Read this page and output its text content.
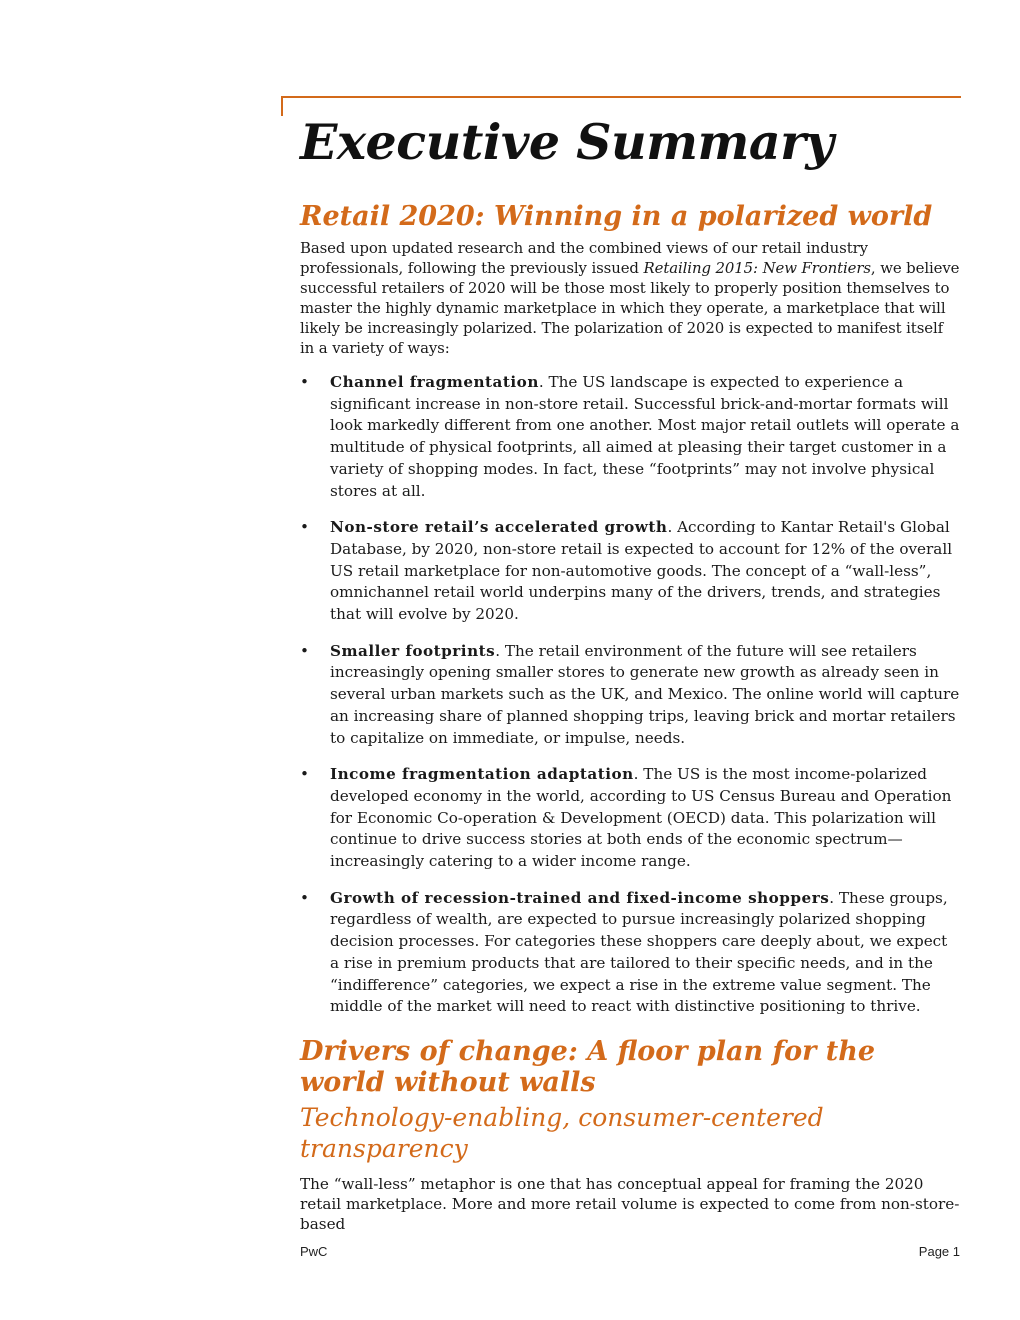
Executive Summary
Retail 2020: Winning in a polarized world

Based upon updated research and the combined views of our retail industry professionals, following the previously issued Retailing 2015: New Frontiers, we believe successful retailers of 2020 will be those most likely to properly position themselves to master the highly dynamic marketplace in which they operate, a marketplace that will likely be increasingly polarized. The polarization of 2020 is expected to manifest itself in a variety of ways:

• Channel fragmentation. The US landscape is expected to experience a significant increase in non-store retail. Successful brick-and-mortar formats will look markedly different from one another. Most major retail outlets will operate a multitude of physical footprints, all aimed at pleasing their target customer in a variety of shopping modes. In fact, these “footprints” may not involve physical stores at all.
• Non-store retail’s accelerated growth. According to Kantar Retail's Global Database, by 2020, non-store retail is expected to account for 12% of the overall US retail marketplace for non-automotive goods. The concept of a “wall-less”, omnichannel retail world underpins many of the drivers, trends, and strategies that will evolve by 2020.
• Smaller footprints. The retail environment of the future will see retailers increasingly opening smaller stores to generate new growth as already seen in several urban markets such as the UK, and Mexico. The online world will capture an increasing share of planned shopping trips, leaving brick and mortar retailers to capitalize on immediate, or impulse, needs.
• Income fragmentation adaptation. The US is the most income-polarized developed economy in the world, according to US Census Bureau and Operation for Economic Co-operation & Development (OECD) data. This polarization will continue to drive success stories at both ends of the economic spectrum—increasingly catering to a wider income range.
• Growth of recession-trained and fixed-income shoppers. These groups, regardless of wealth, are expected to pursue increasingly polarized shopping decision processes. For categories these shoppers care deeply about, we expect a rise in premium products that are tailored to their specific needs, and in the “indifference” categories, we expect a rise in the extreme value segment. The middle of the market will need to react with distinctive positioning to thrive.
Drivers of change: A floor plan for the world without walls
Technology-enabling, consumer-centered transparency

The “wall-less” metaphor is one that has conceptual appeal for framing the 2020 retail marketplace. More and more retail volume is expected to come from non-store-based

PwC	Page 1
